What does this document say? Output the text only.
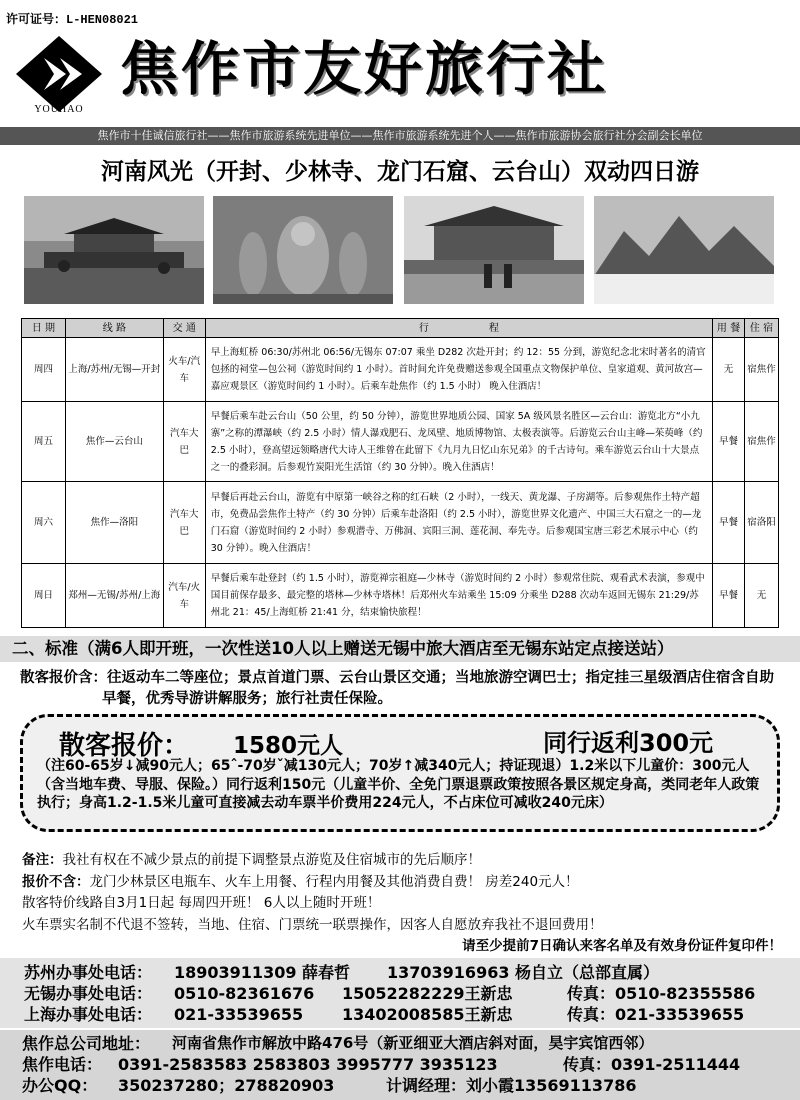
许可证号：L-HEN08021
YOUHAO
焦作市友好旅行社
焦作市十佳诚信旅行社——焦作市旅游系统先进单位——焦作市旅游系统先进个人——焦作市旅游协会旅行社分会副会长单位
河南风光（开封、少林寺、龙门石窟、云台山）双动四日游
日 期	线 路	交 通	行　　　　　　程	用 餐	住 宿
周四	上海/苏州/无锡—开封	火车/汽车	早上海虹桥 06:30/苏州北 06:56/无锡东 07:07 乘坐 D282 次赴开封；约 12：55 分到，游览纪念北宋时著名的清官包拯的祠堂—包公祠（游览时间约 1 小时）。首时间允许免费赠送参观全国重点文物保护单位、皇家道观、黄河故宫—嘉应观景区（游览时间约 1 小时）。后乘车赴焦作（约 1.5 小时） 晚入住酒店！	无	宿焦作
周五	焦作—云台山	汽车大巴	早餐后乘车赴云台山（50 公里，约 50 分钟），游览世界地质公园、国家 5A 级风景名胜区—云台山：游览北方“小九寨”之称的潭瀑峡（约 2.5 小时）情人瀑戏肥石、龙凤壁、地质博物馆、太极表演等。后游览云台山主峰—茱萸峰（约 2.5 小时），登高望远领略唐代大诗人王维曾在此留下《九月九日忆山东兄弟》的千古诗句。乘车游览云台山十大景点之一的叠彩洞。后参观竹炭阳光生活馆（约 30 分钟）。晚入住酒店！	早餐	宿焦作
周六	焦作—洛阳	汽车大巴	早餐后再赴云台山，游览有中原第一峡谷之称的红石峡（2 小时），一线天、黄龙瀑、子房湖等。后参观焦作土特产超市，免费品尝焦作土特产（约 30 分钟）后乘车赴洛阳（约 2.5 小时），游览世界文化遗产、中国三大石窟之一的—龙门石窟（游览时间约 2 小时）参观潜寺、万佛洞、宾阳三洞、莲花洞、奉先寺。后参观国宝唐三彩艺术展示中心（约 30 分钟）。晚入住酒店！	早餐	宿洛阳
周日	郑州—无锡/苏州/上海	汽车/火车	早餐后乘车赴登封（约 1.5 小时），游览禅宗祖庭—少林寺（游览时间约 2 小时）参观常住院、观看武术表演，参观中国目前保存最多、最完整的塔林—少林寺塔林！后郑州火车站乘坐 15:09 分乘坐 D288 次动车返回无锡东 21:29/苏州北 21：45/上海虹桥 21:41 分，结束愉快旅程！	早餐	无
二、标准（满6人即开班，一次性送10人以上赠送无锡中旅大酒店至无锡东站定点接送站）
散客报价含： 往返动车二等座位；景点首道门票、云台山景区交通；当地旅游空调巴士；指定挂三星级酒店住宿含自助早餐，优秀导游讲解服务；旅行社责任保险。
散客报价： 1580元人	同行返利300元
（注60-65岁↓减90元人；65ˆ-70岁ˇ减130元人；70岁↑减340元人；持证现退）1.2米以下儿童价：300元人（含当地车费、导服、保险。）同行返利150元（儿童半价、全免门票退票政策按照各景区规定身高，类同老年人政策执行；身高1.2-1.5米儿童可直接减去动车票半价费用224元人，不占床位可减收240元床）

备注：我社有权在不减少景点的前提下调整景点游览及住宿城市的先后顺序！

报价不含：龙门少林景区电瓶车、火车上用餐、行程内用餐及其他消费自费！ 房差240元人！

散客特价线路自3月1日起 每周四开班！ 6人以上随时开班！

火车票实名制不代退不签转，当地、住宿、门票统一联票操作，因客人自愿放弃我社不退回费用！

请至少提前7日确认来客名单及有效身份证件复印件！

苏州办事处电话： 18903911309 薛春哲 13703916963 杨自立（总部直属）
无锡办事处电话： 0510-82361676 15052282229王新忠	传真：0510-82355586
上海办事处电话： 021-33539655 13402008585王新忠	传真：021-33539655
焦作总公司地址： 河南省焦作市解放中路476号（新亚细亚大酒店斜对面，昊宇宾馆西邻）
焦作电话： 0391-2583583 2583803 3995777 3935123	传真：0391-2511444
办公QQ： 350237280；278820903	计调经理：刘小霞13569113786
